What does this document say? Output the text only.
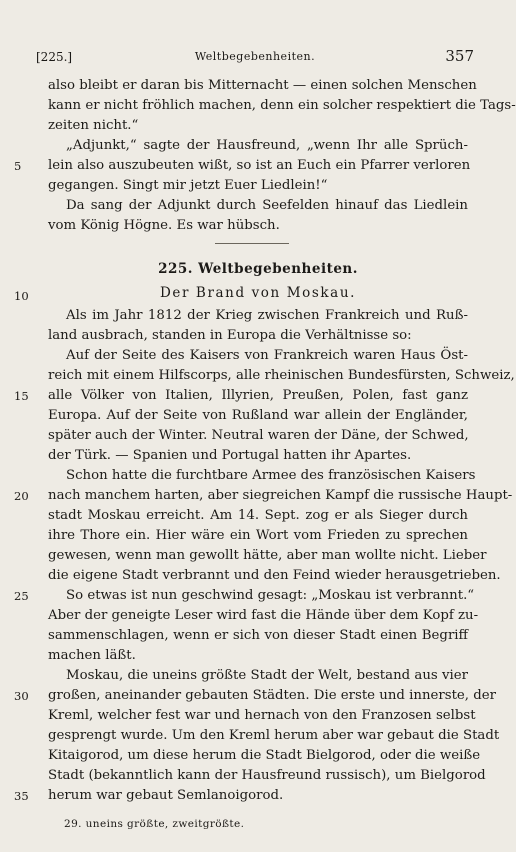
[225.]	Weltbegebenheiten.	357
also bleibt er daran bis Mitternacht — einen solchen Menschen
kann er nicht fröhlich machen, denn ein solcher respektiert die Tags-
zeiten nicht.“
„Adjunkt,“ sagte der Hausfreund, „wenn Ihr alle Sprüch-
lein also auszubeuten wißt, so ist an Euch ein Pfarrer verloren
gegangen. Singt mir jetzt Euer Liedlein!“
Da sang der Adjunkt durch Seefelden hinauf das Liedlein
vom König Högne. Es war hübsch.
225. Weltbegebenheiten.
Der Brand von Moskau.
Als im Jahr 1812 der Krieg zwischen Frankreich und Ruß-
land ausbrach, standen in Europa die Verhältnisse so:
Auf der Seite des Kaisers von Frankreich waren Haus Öst-
reich mit einem Hilfscorps, alle rheinischen Bundesfürsten, Schweiz,
alle Völker von Italien, Illyrien, Preußen, Polen, fast ganz
Europa. Auf der Seite von Rußland war allein der Engländer,
später auch der Winter. Neutral waren der Däne, der Schwed,
der Türk. — Spanien und Portugal hatten ihr Apartes.
Schon hatte die furchtbare Armee des französischen Kaisers
nach manchem harten, aber siegreichen Kampf die russische Haupt-
stadt Moskau erreicht. Am 14. Sept. zog er als Sieger durch
ihre Thore ein. Hier wäre ein Wort vom Frieden zu sprechen
gewesen, wenn man gewollt hätte, aber man wollte nicht. Lieber
die eigene Stadt verbrannt und den Feind wieder herausgetrieben.
So etwas ist nun geschwind gesagt: „Moskau ist verbrannt.“
Aber der geneigte Leser wird fast die Hände über dem Kopf zu-
sammenschlagen, wenn er sich von dieser Stadt einen Begriff
machen läßt.
Moskau, die uneins größte Stadt der Welt, bestand aus vier
großen, aneinander gebauten Städten. Die erste und innerste, der
Kreml, welcher fest war und hernach von den Franzosen selbst
gesprengt wurde. Um den Kreml herum aber war gebaut die Stadt
Kitaigorod, um diese herum die Stadt Bielgorod, oder die weiße
Stadt (bekanntlich kann der Hausfreund russisch), um Bielgorod
herum war gebaut Semlanoigorod.
5
10
15
20
25
30
35
29. uneins größte, zweitgrößte.
